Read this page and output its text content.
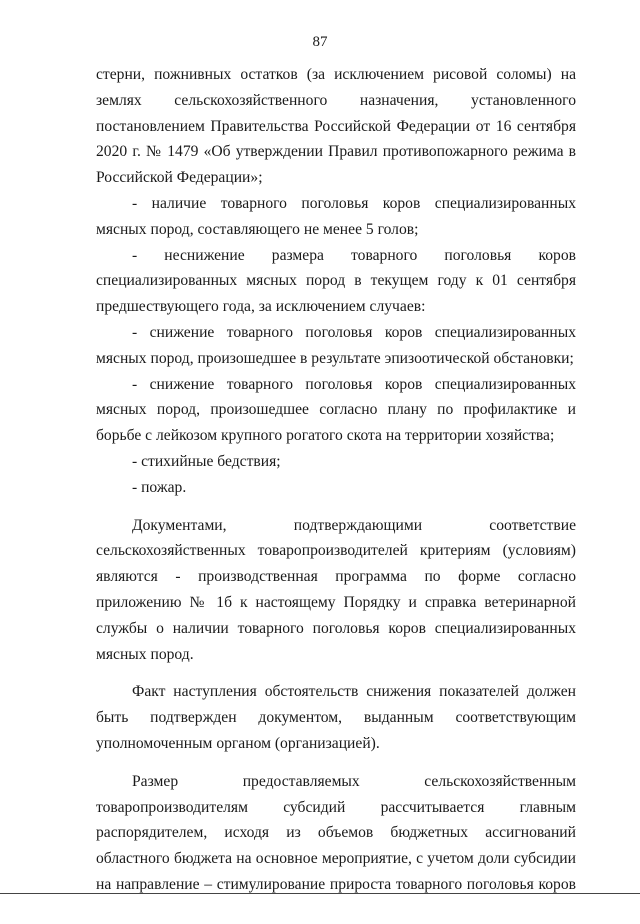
87

стерни, пожнивных остатков (за исключением рисовой соломы) на землях сельскохозяйственного назначения, установленного постановлением Правительства Российской Федерации от 16 сентября 2020 г. № 1479 «Об утверждении Правил противопожарного режима в Российской Федерации»;

- наличие товарного поголовья коров специализированных мясных пород, составляющего не менее 5 голов;

- неснижение размера товарного поголовья коров специализированных мясных пород в текущем году к 01 сентября предшествующего года, за исключением случаев:

- снижение товарного поголовья коров специализированных мясных пород, произошедшее в результате эпизоотической обстановки;

- снижение товарного поголовья коров специализированных мясных пород, произошедшее согласно плану по профилактике и борьбе с лейкозом крупного рогатого скота на территории хозяйства;

- стихийные бедствия;

- пожар.

Документами, подтверждающими соответствие сельскохозяйственных товаропроизводителей критериям (условиям) являются - производственная программа по форме согласно приложению № 1б к настоящему Порядку и справка ветеринарной службы о наличии товарного поголовья коров специализированных мясных пород.

Факт наступления обстоятельств снижения показателей должен быть подтвержден документом, выданным соответствующим уполномоченным органом (организацией).

Размер предоставляемых сельскохозяйственным товаропроизводителям субсидий рассчитывается главным распорядителем, исходя из объемов бюджетных ассигнований областного бюджета на основное мероприятие, с учетом доли субсидии на направление – стимулирование прироста товарного поголовья коров
